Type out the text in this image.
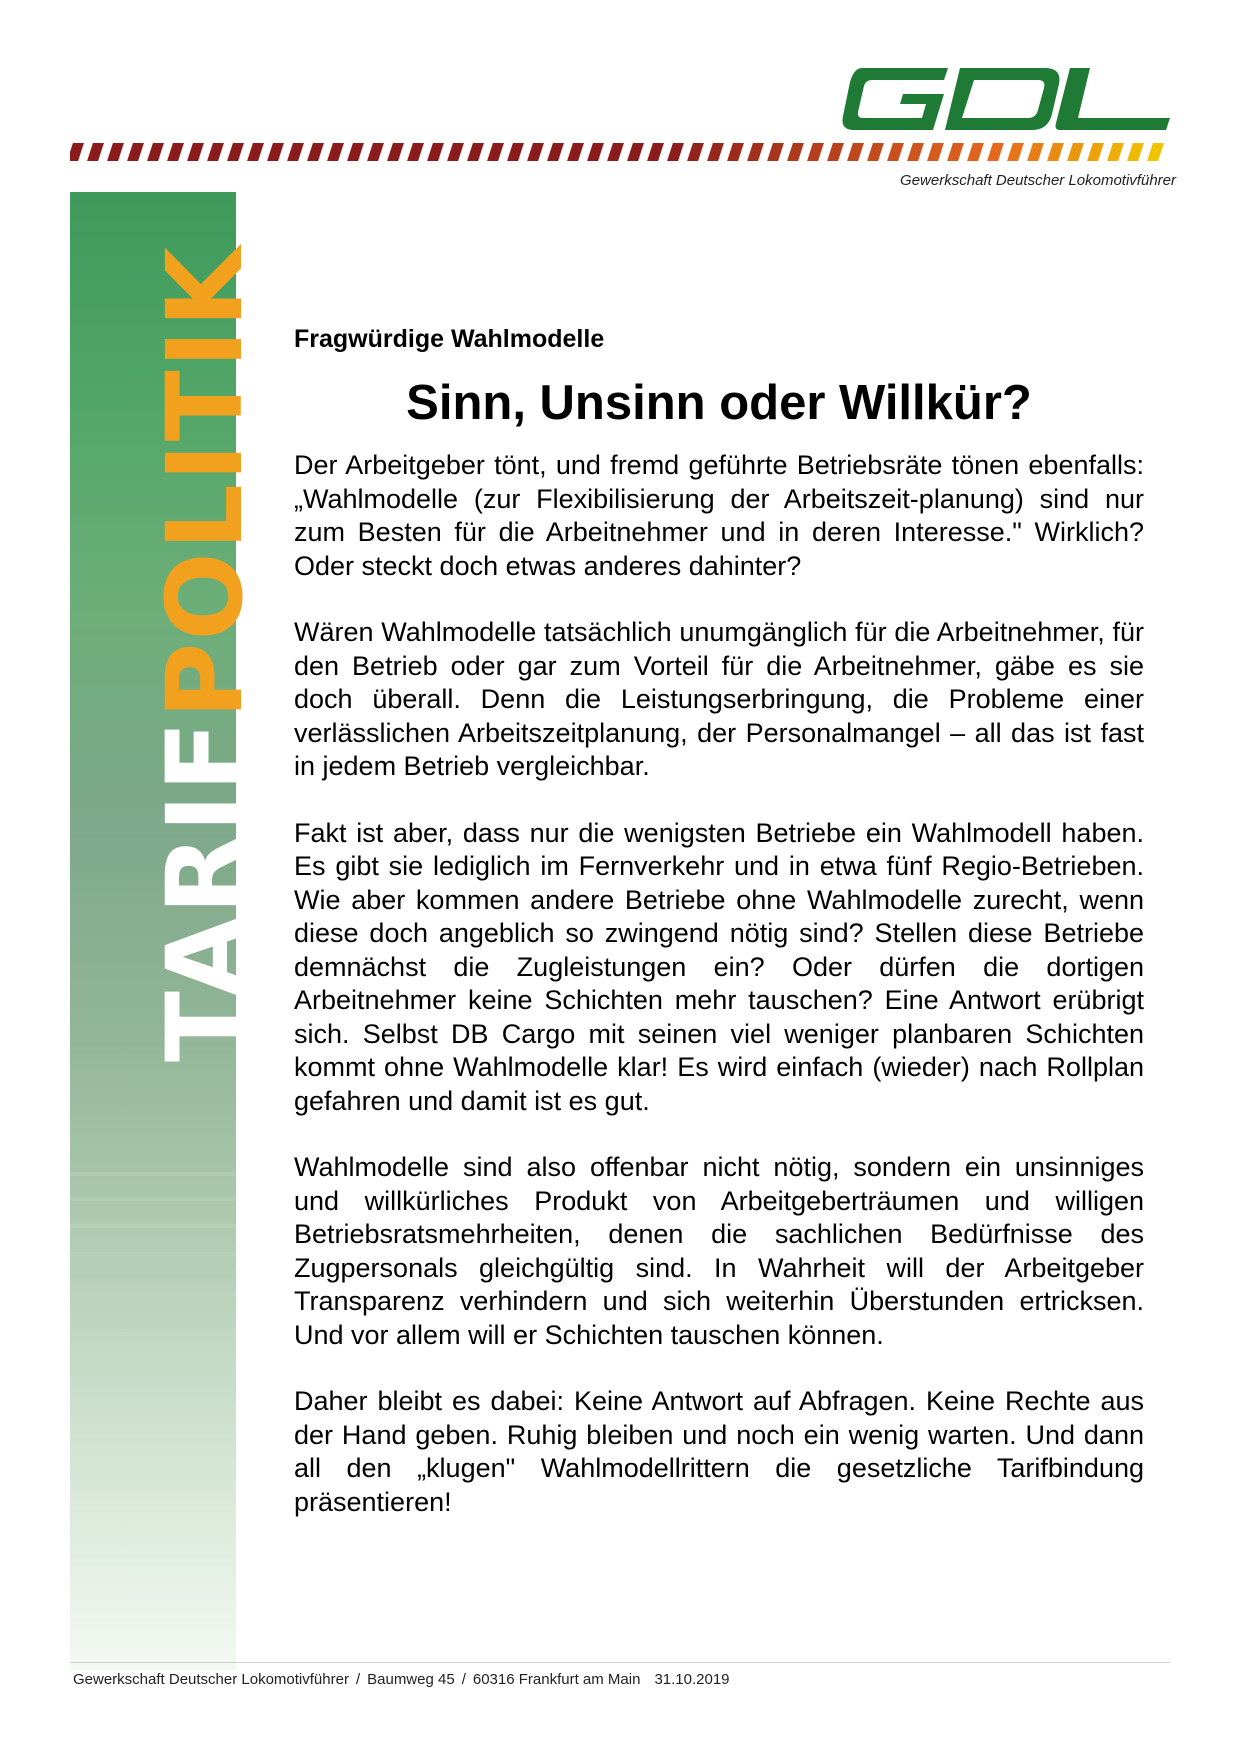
Gewerkschaft Deutscher Lokomotivführer
TARIFPOLITIK Fragwürdige Wahlmodelle
Sinn, Unsinn oder Willkür?

Der Arbeitgeber tönt, und fremd geführte Betriebsräte tönen ebenfalls: „Wahlmodelle (zur Flexibilisierung der Arbeitszeit-planung) sind nur zum Besten für die Arbeitnehmer und in deren Interesse." Wirklich? Oder steckt doch etwas anderes dahinter?

Wären Wahlmodelle tatsächlich unumgänglich für die Arbeitnehmer, für den Betrieb oder gar zum Vorteil für die Arbeitnehmer, gäbe es sie doch überall. Denn die Leistungserbringung, die Probleme einer verlässlichen Arbeitszeitplanung, der Personalmangel – all das ist fast in jedem Betrieb vergleichbar.

Fakt ist aber, dass nur die wenigsten Betriebe ein Wahlmodell haben. Es gibt sie lediglich im Fernverkehr und in etwa fünf Regio-Betrieben. Wie aber kommen andere Betriebe ohne Wahlmodelle zurecht, wenn diese doch angeblich so zwingend nötig sind? Stellen diese Betriebe demnächst die Zugleistungen ein? Oder dürfen die dortigen Arbeitnehmer keine Schichten mehr tauschen? Eine Antwort erübrigt sich. Selbst DB Cargo mit seinen viel weniger planbaren Schichten kommt ohne Wahlmodelle klar! Es wird einfach (wieder) nach Rollplan gefahren und damit ist es gut.

Wahlmodelle sind also offenbar nicht nötig, sondern ein unsinniges und willkürliches Produkt von Arbeitgeberträumen und willigen Betriebsratsmehrheiten, denen die sachlichen Bedürfnisse des Zugpersonals gleichgültig sind. In Wahrheit will der Arbeitgeber Transparenz verhindern und sich weiterhin Überstunden ertricksen. Und vor allem will er Schichten tauschen können.

Daher bleibt es dabei: Keine Antwort auf Abfragen. Keine Rechte aus der Hand geben. Ruhig bleiben und noch ein wenig warten. Und dann all den „klugen" Wahlmodellrittern die gesetzliche Tarifbindung präsentieren!

Gewerkschaft Deutscher Lokomotivführer / Baumweg 45 / 60316 Frankfurt am Main 31.10.2019
